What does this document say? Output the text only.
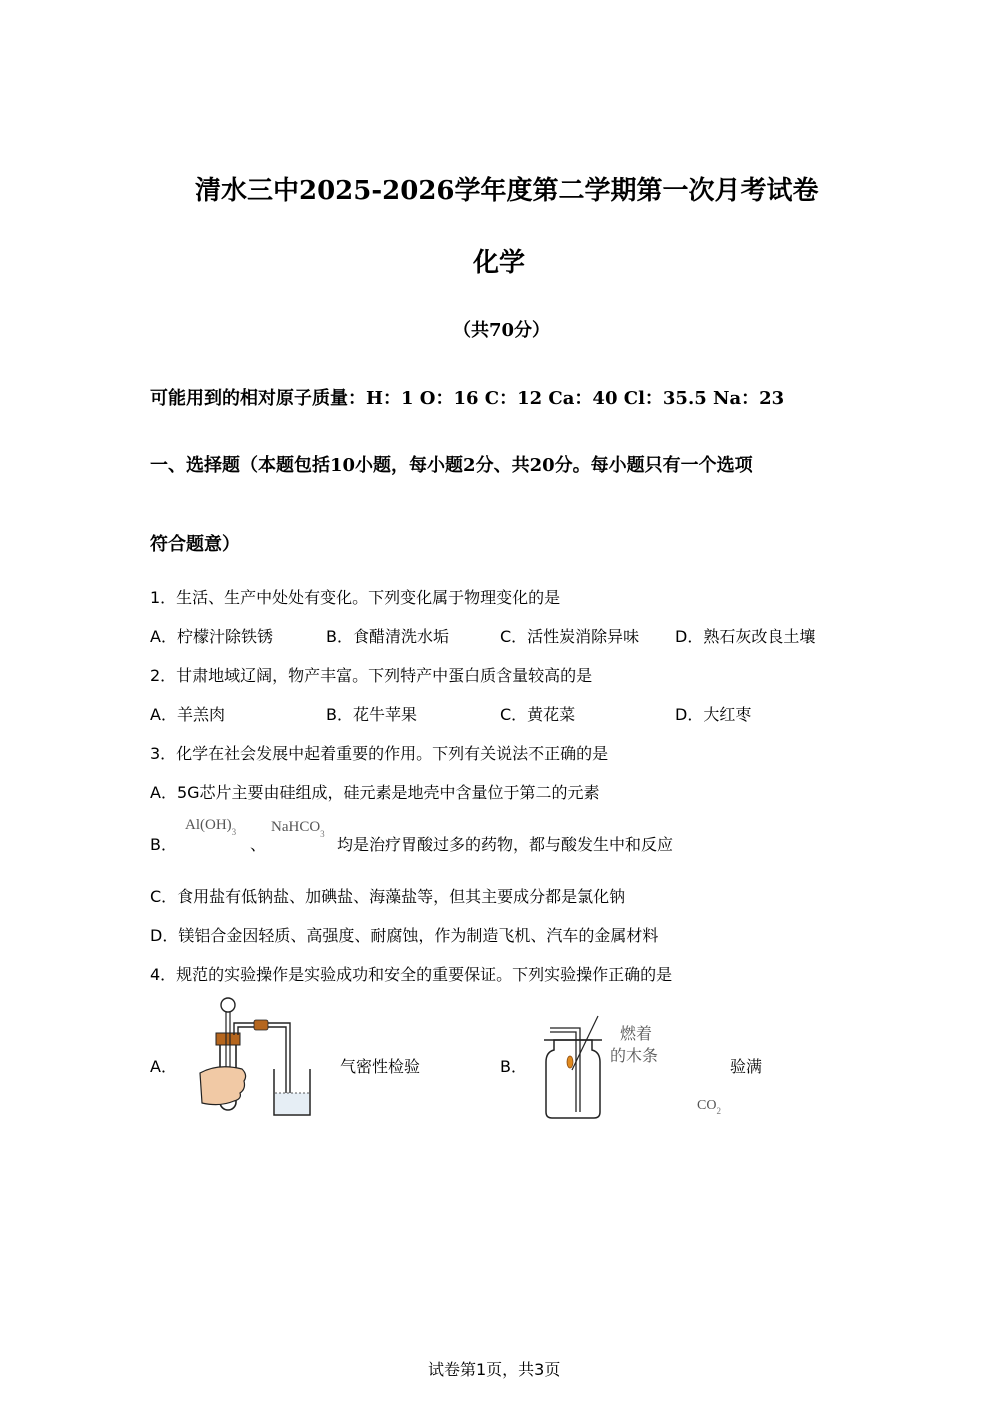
清水三中2025-2026学年度第二学期第一次月考试卷
化学
（共70分）
可能用到的相对原子质量：H：1 O：16 C：12 Ca：40 Cl：35.5 Na：23
一、选择题（本题包括10小题，每小题2分、共20分。每小题只有一个选项
符合题意）
1．生活、生产中处处有变化。下列变化属于物理变化的是
A．柠檬汁除铁锈	B．食醋清洗水垢	C．活性炭消除异味 D．熟石灰改良土壤
2．甘肃地域辽阔，物产丰富。下列特产中蛋白质含量较高的是
A．羊羔肉	B．花牛苹果	C．黄花菜	D．大红枣
3．化学在社会发展中起着重要的作用。下列有关说法不正确的是
A．5G芯片主要由硅组成，硅元素是地壳中含量位于第二的元素
B．
$Al(OH)_3$
、
NaHCO$_3$
均是治疗胃酸过多的药物，都与酸发生中和反应
C．食用盐有低钠盐、加碘盐、海藻盐等，但其主要成分都是氯化钠
D．镁铝合金因轻质、高强度、耐腐蚀，作为制造飞机、汽车的金属材料
4．规范的实验操作是实验成功和安全的重要保证。下列实验操作正确的是
A．	气密性检验	B．
燃着
的木条
验满
$CO_2$
试卷第1页，共3页
